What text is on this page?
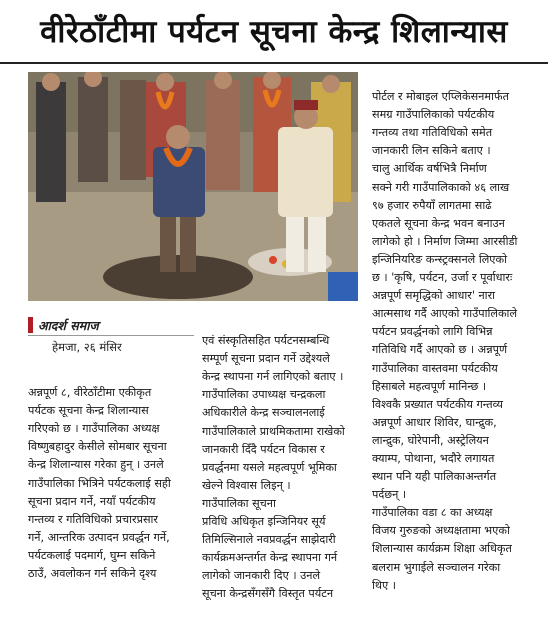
वीरेठाँटीमा पर्यटन सूचना केन्द्र शिलान्यास
आदर्श समाज
हेमजा, २६ मंसिर

अन्नपूर्ण ८, वीरेठाँटीमा एकीकृत
पर्यटक सूचना केन्द्र शिलान्यास
गरिएको छ । गाउँपालिका अध्यक्ष
विष्णुबहादुर केसीले सोमबार सूचना
केन्द्र शिलान्यास गरेका हुन् । उनले
गाउँपालिका भित्रिने पर्यटकलाई सही
सूचना प्रदान गर्ने, नयाँ पर्यटकीय
गन्तव्य र गतिविधिको प्रचारप्रसार
गर्ने, आन्तरिक उत्पादन प्रवर्द्धन गर्ने,
पर्यटकलाई पदमार्ग, घुम्न सकिने
ठाउँ, अवलोकन गर्न सकिने दृश्य

एवं संस्कृतिसहित पर्यटनसम्बन्धि
सम्पूर्ण सूचना प्रदान गर्ने उद्देश्यले
केन्द्र स्थापना गर्न लागिएको बताए ।
गाउँपालिका उपाध्यक्ष चन्द्रकला
अधिकारीले केन्द्र सञ्चालनलाई
गाउँपालिकाले प्राथमिकतामा राखेको
जानकारी दिँदै पर्यटन विकास र
प्रवर्द्धनमा यसले महत्वपूर्ण भूमिका
खेल्ने विश्वास लिइन् ।
गाउँपालिका सूचना
प्रविधि अधिकृत इन्जिनियर सूर्य
तिमिल्सिनाले नवप्रवर्द्धन साझेदारी
कार्यक्रमअन्तर्गत केन्द्र स्थापना गर्न
लागेको जानकारी दिए । उनले
सूचना केन्द्रसँगसँगै विस्तृत पर्यटन

पोर्टल र मोबाइल एप्लिकेसनमार्फत
समग्र गाउँपालिकाको पर्यटकीय
गन्तव्य तथा गतिविधिको समेत
जानकारी लिन सकिने बताए ।
चालु आर्थिक वर्षभित्रै निर्माण
सक्ने गरी गाउँपालिकाको ४६ लाख
९७ हजार रुपैयाँ लागतमा साढे
एकतले सूचना केन्द्र भवन बनाउन
लागेको हो । निर्माण जिम्मा आरसीडी
इन्जिनियरिङ कन्स्ट्रक्सनले लिएको
छ । 'कृषि, पर्यटन, उर्जा र पूर्वाधारः
अन्नपूर्ण समृद्धिको आधार' नारा
आत्मसाथ गर्दै आएको गाउँपालिकाले
पर्यटन प्रवर्द्धनको लागि विभिन्न
गतिविधि गर्दै आएको छ । अन्नपूर्ण
गाउँपालिका वास्तवमा पर्यटकीय
हिसाबले महत्वपूर्ण मानिन्छ ।
विश्वकै प्रख्यात पर्यटकीय गन्तव्य
अन्नपूर्ण आधार शिविर, घान्द्रुक,
लान्द्रुक, घोरेपानी, अस्ट्रेलियन
क्याम्प, पोथाना, भदौरे लगायत
स्थान पनि यही पालिकाअन्तर्गत
पर्दछन् ।
गाउँपालिका वडा ८ का अध्यक्ष
विजय गुरुङको अध्यक्षतामा भएको
शिलान्यास कार्यक्रम शिक्षा अधिकृत
बलराम भुगाईले सञ्चालन गरेका
थिए ।
